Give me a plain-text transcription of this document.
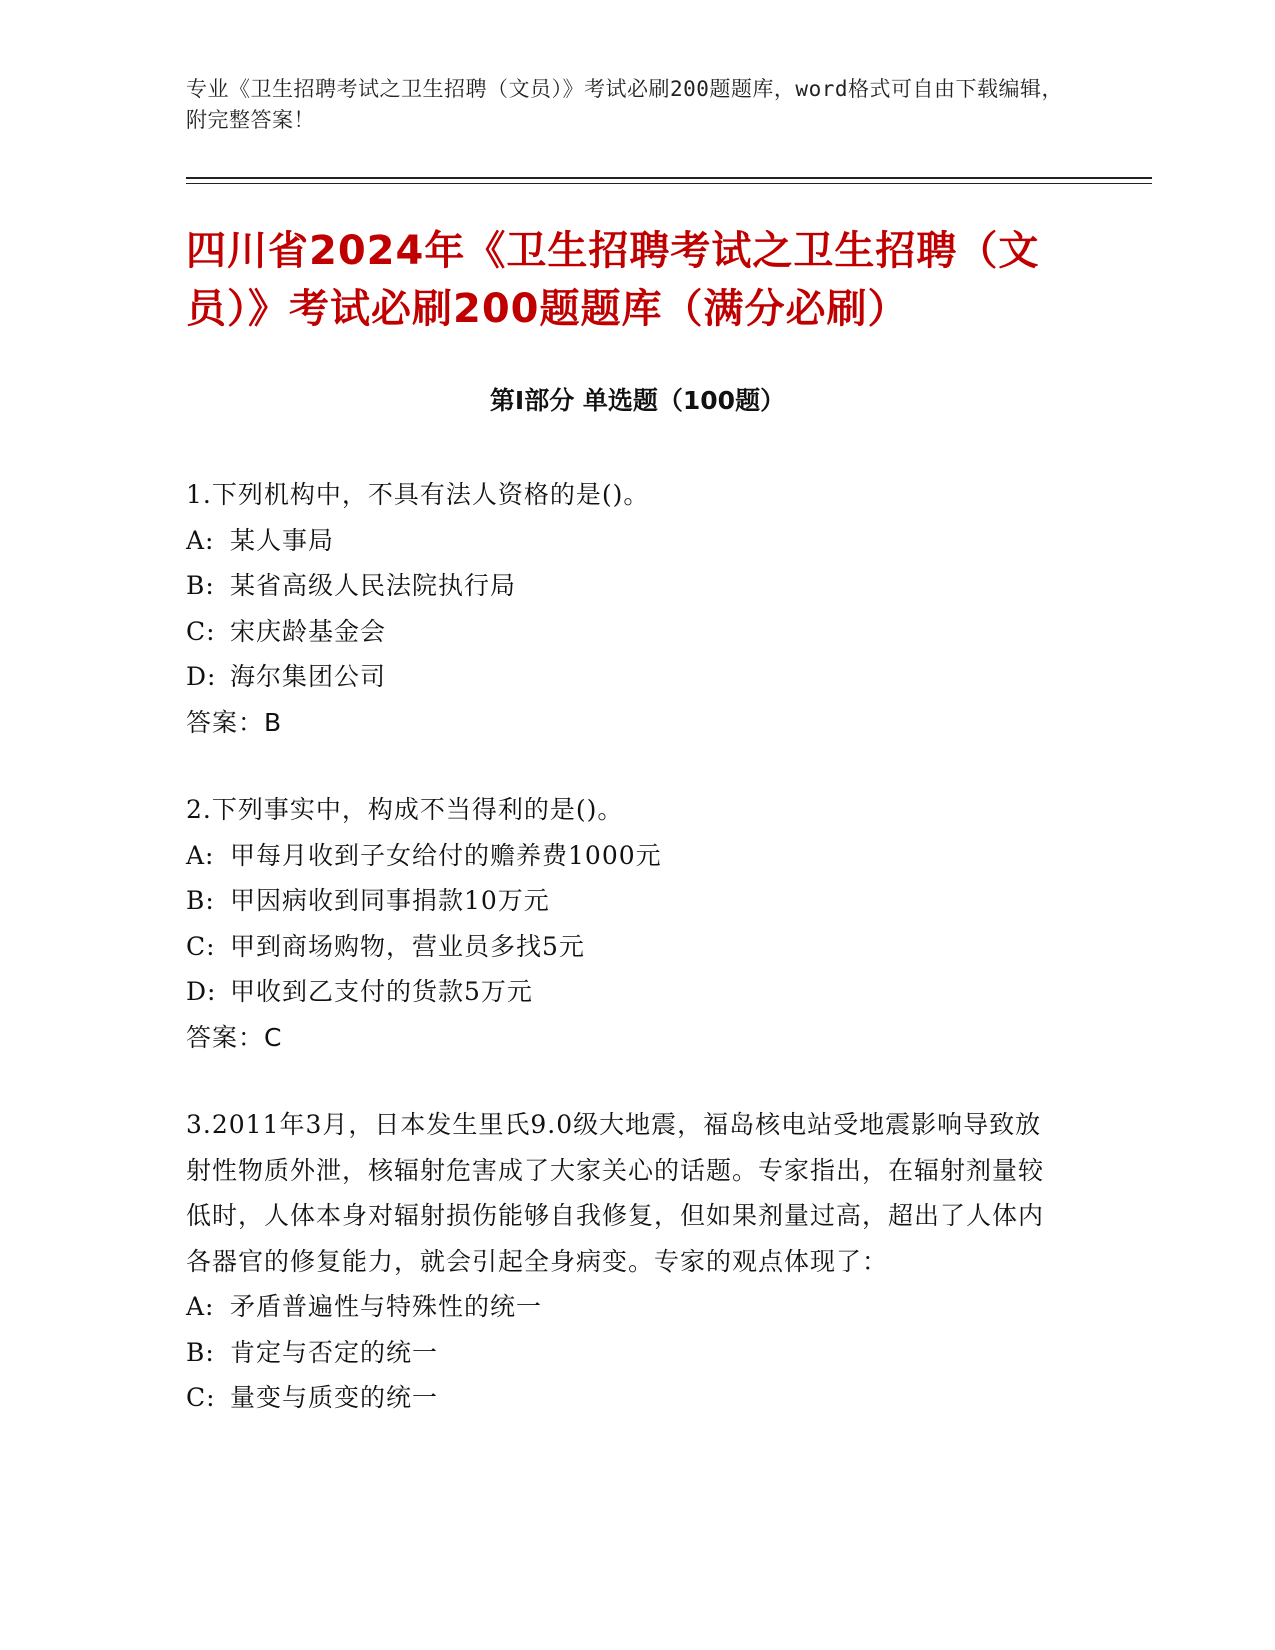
专业《卫生招聘考试之卫生招聘（文员）》考试必刷200题题库，word格式可自由下载编辑，附完整答案！
四川省2024年《卫生招聘考试之卫生招聘（文员）》考试必刷200题题库（满分必刷）
第Ⅰ部分 单选题（100题）

1.下列机构中，不具有法人资格的是()。

A: 某人事局

B: 某省高级人民法院执行局

C: 宋庆龄基金会

D: 海尔集团公司

答案：B

2.下列事实中，构成不当得利的是()。

A: 甲每月收到子女给付的赡养费1000元

B: 甲因病收到同事捐款10万元

C: 甲到商场购物，营业员多找5元

D: 甲收到乙支付的货款5万元

答案：C

3.2011年3月，日本发生里氏9.0级大地震，福岛核电站受地震影响导致放射性物质外泄，核辐射危害成了大家关心的话题。专家指出，在辐射剂量较低时，人体本身对辐射损伤能够自我修复，但如果剂量过高，超出了人体内各器官的修复能力，就会引起全身病变。专家的观点体现了：

A: 矛盾普遍性与特殊性的统一

B: 肯定与否定的统一

C: 量变与质变的统一
